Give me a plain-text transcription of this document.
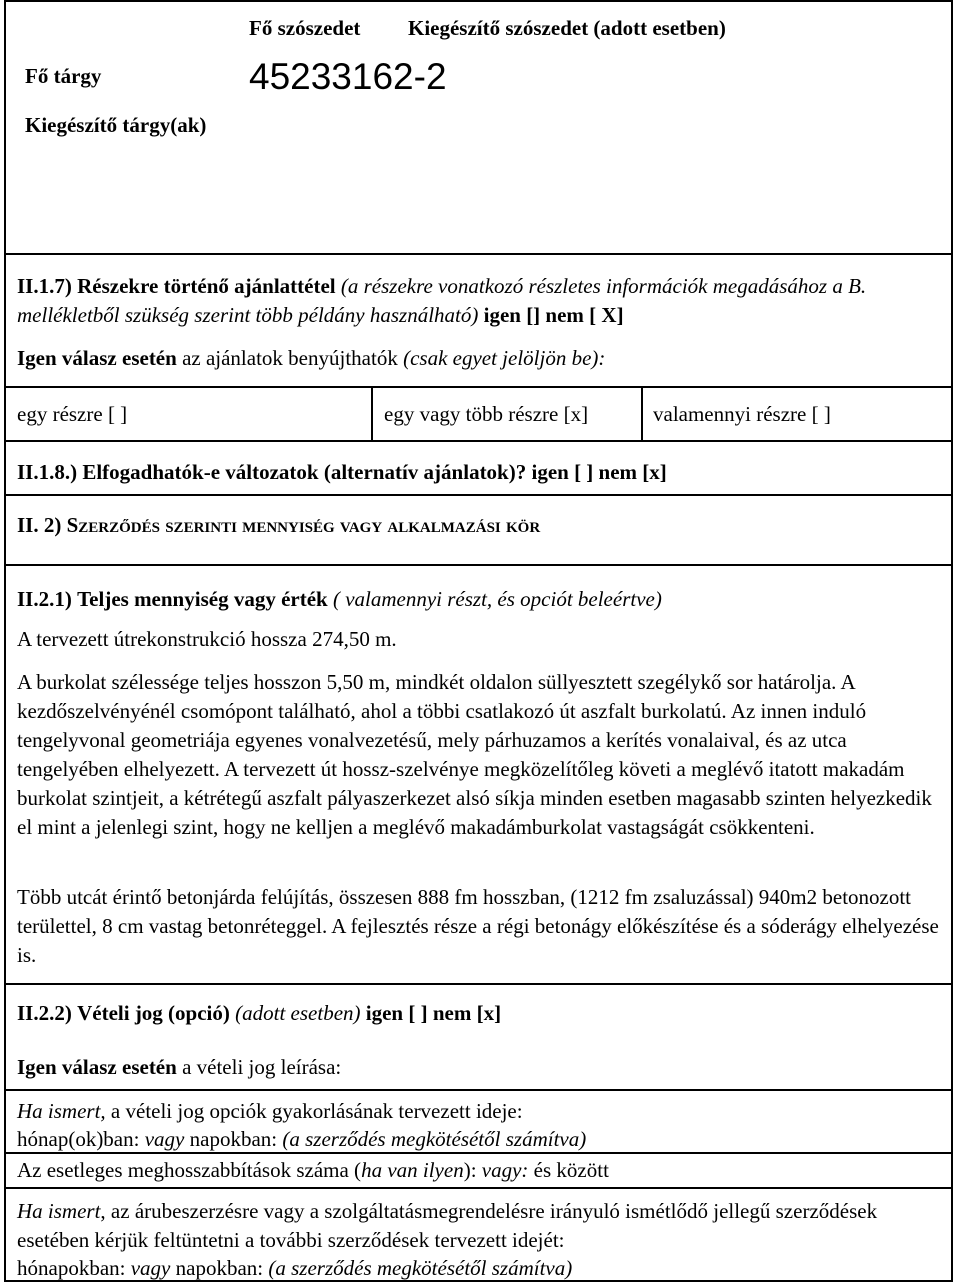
Fő szószedet Kiegészítő szószedet (adott esetben)
Fő tárgy	45233162-2
Kiegészítő tárgy(ak)
II.1.7) Részekre történő ajánlattétel (a részekre vonatkozó részletes információk megadásához a B. mellékletből szükség szerint több példány használható) igen [] nem [ X]
Igen válasz esetén az ajánlatok benyújthatók (csak egyet jelöljön be):
egy részre [ ]	egy vagy több részre [x]	valamennyi részre [ ]
II.1.8.) Elfogadhatók-e változatok (alternatív ajánlatok)? igen [ ] nem [x]
II. 2) Szerződés szerinti mennyiség vagy alkalmazási kör
II.2.1) Teljes mennyiség vagy érték ( valamennyi részt, és opciót beleértve)
A tervezett útrekonstrukció hossza 274,50 m.
A burkolat szélessége teljes hosszon 5,50 m, mindkét oldalon süllyesztett szegélykő sor határolja. A kezdőszelvényénél csomópont található, ahol a többi csatlakozó út aszfalt burkolatú. Az innen induló tengelyvonal geometriája egyenes vonalvezetésű, mely párhuzamos a kerítés vonalaival, és az utca tengelyében elhelyezett. A tervezett út hossz-szelvénye megközelítőleg követi a meglévő itatott makadám burkolat szintjeit, a kétrétegű aszfalt pályaszerkezet alsó síkja minden esetben magasabb szinten helyezkedik el mint a jelenlegi szint, hogy ne kelljen a meglévő makadámburkolat vastagságát csökkenteni.
Több utcát érintő betonjárda felújítás, összesen 888 fm hosszban, (1212 fm zsaluzással) 940m2 betonozott területtel, 8 cm vastag betonréteggel. A fejlesztés része a régi betonágy előkészítése és a sóderágy elhelyezése is.
II.2.2) Vételi jog (opció) (adott esetben) igen [ ] nem [x]
Igen válasz esetén a vételi jog leírása:
Ha ismert, a vételi jog opciók gyakorlásának tervezett ideje:
hónap(ok)ban: vagy napokban: (a szerződés megkötésétől számítva)
Az esetleges meghosszabbítások száma (ha van ilyen): vagy: és között
Ha ismert, az árubeszerzésre vagy a szolgáltatásmegrendelésre irányuló ismétlődő jellegű szerződések esetében kérjük feltüntetni a további szerződések tervezett idejét:
hónapokban: vagy napokban: (a szerződés megkötésétől számítva)
